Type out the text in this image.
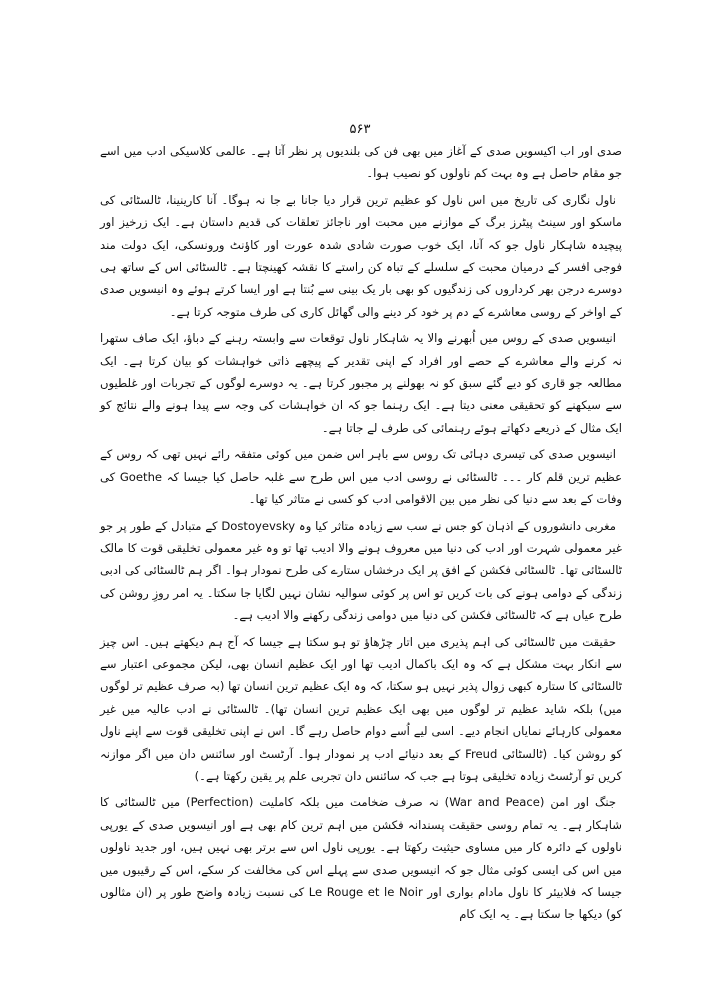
۵۶۳

صدی اور اب اکیسویں صدی کے آغاز میں بھی فن کی بلندیوں پر نظر آتا ہے۔ عالمی کلاسیکی ادب میں اسے جو مقام حاصل ہے وہ بہت کم ناولوں کو نصیب ہوا۔

ناول نگاری کی تاریخ میں اس ناول کو عظیم ترین قرار دیا جانا بے جا نہ ہوگا۔ آنا کارینینا، ٹالسٹائی کی ماسکو اور سینٹ پیٹرز برگ کے موازنے میں محبت اور ناجائز تعلقات کی قدیم داستان ہے۔ ایک زرخیز اور پیچیدہ شاہکار ناول جو کہ آنا، ایک خوب صورت شادی شدہ عورت اور کاؤنٹ ورونسکی، ایک دولت مند فوجی افسر کے درمیان محبت کے سلسلے کے تباہ کن راستے کا نقشہ کھینچتا ہے۔ ٹالسٹائی اس کے ساتھ ہی دوسرے درجن بھر کرداروں کی زندگیوں کو بھی بار یک بینی سے بُنتا ہے اور ایسا کرتے ہوئے وہ انیسویں صدی کے اواخر کے روسی معاشرے کے دم پر خود کر دینے والی گھائل کاری کی طرف متوجہ کرتا ہے۔

انیسویں صدی کے روس میں اُبھرنے والا یہ شاہکار ناول توقعات سے وابستہ رہنے کے دباؤ، ایک صاف ستھرا نہ کرنے والے معاشرے کے حصے اور افراد کے اپنی تقدیر کے پیچھے ذاتی خواہشات کو بیان کرتا ہے۔ ایک مطالعہ جو قاری کو دیے گئے سبق کو نہ بھولنے پر مجبور کرتا ہے۔ یہ دوسرے لوگوں کے تجربات اور غلطیوں سے سیکھنے کو تحقیقی معنی دیتا ہے۔ ایک رہنما جو کہ ان خواہشات کی وجہ سے پیدا ہونے والے نتائج کو ایک مثال کے ذریعے دکھاتے ہوئے رہنمائی کی طرف لے جاتا ہے۔

انیسویں صدی کی تیسری دہائی تک روس سے باہر اس ضمن میں کوئی متفقہ رائے نہیں تھی کہ روس کے عظیم ترین قلم کار ۔۔۔ ٹالسٹائی نے روسی ادب میں اس طرح سے غلبہ حاصل کیا جیسا کہ Goethe کی وفات کے بعد سے دنیا کی نظر میں بین الاقوامی ادب کو کسی نے متاثر کیا تھا۔

مغربی دانشوروں کے اذہان کو جس نے سب سے زیادہ متاثر کیا وہ Dostoyevsky کے متبادل کے طور پر جو غیر معمولی شہرت اور ادب کی دنیا میں معروف ہونے والا ادیب تھا تو وہ غیر معمولی تخلیقی قوت کا مالک ٹالسٹائی تھا۔ ٹالسٹائی فکشن کے افق پر ایک درخشاں ستارے کی طرح نمودار ہوا۔ اگر ہم ٹالسٹائی کی ادبی زندگی کے دوامی ہونے کی بات کریں تو اس پر کوئی سوالیہ نشان نہیں لگایا جا سکتا۔ یہ امر روزِ روشن کی طرح عیاں ہے کہ ٹالسٹائی فکشن کی دنیا میں دوامی زندگی رکھنے والا ادیب ہے۔

حقیقت میں ٹالسٹائی کی اہم پذیری میں اتار چڑھاؤ تو ہو سکتا ہے جیسا کہ آج ہم دیکھتے ہیں۔ اس چیز سے انکار بہت مشکل ہے کہ وہ ایک باکمال ادیب تھا اور ایک عظیم انسان بھی، لیکن مجموعی اعتبار سے ٹالسٹائی کا ستارہ کبھی زوال پذیر نہیں ہو سکتا، کہ وہ ایک عظیم ترین انسان تھا (بہ صرف عظیم تر لوگوں میں) بلکہ شاید عظیم تر لوگوں میں بھی ایک عظیم ترین انسان تھا)۔ ٹالسٹائی نے ادب عالیہ میں غیر معمولی کارہائے نمایاں انجام دیے۔ اسی لیے اُسے دوام حاصل رہے گا۔ اس نے اپنی تخلیقی قوت سے اپنے ناول کو روشن کیا۔ (ٹالسٹائی Freud کے بعد دنیائے ادب پر نمودار ہوا۔ آرٹسٹ اور سائنس دان میں اگر موازنہ کریں تو آرٹسٹ زیادہ تخلیقی ہوتا ہے جب کہ سائنس دان تجربی علم پر یقین رکھتا ہے۔)

جنگ اور امن (War and Peace) نہ صرف ضخامت میں بلکہ کاملیت (Perfection) میں ٹالسٹائی کا شاہکار ہے۔ یہ تمام روسی حقیقت پسندانہ فکشن میں اہم ترین کام بھی ہے اور انیسویں صدی کے یورپی ناولوں کے دائرہ کار میں مساوی حیثیت رکھتا ہے۔ یورپی ناول اس سے برتر بھی نہیں ہیں، اور جدید ناولوں میں اس کی ایسی کوئی مثال جو کہ انیسویں صدی سے پہلے اس کی مخالفت کر سکے، اس کے رقیبوں میں جیسا کہ فلابیئر کا ناول مادام بواری اور Le Rouge et le Noir کی نسبت زیادہ واضح طور پر (ان مثالوں کو) دیکھا جا سکتا ہے۔ یہ ایک کام
